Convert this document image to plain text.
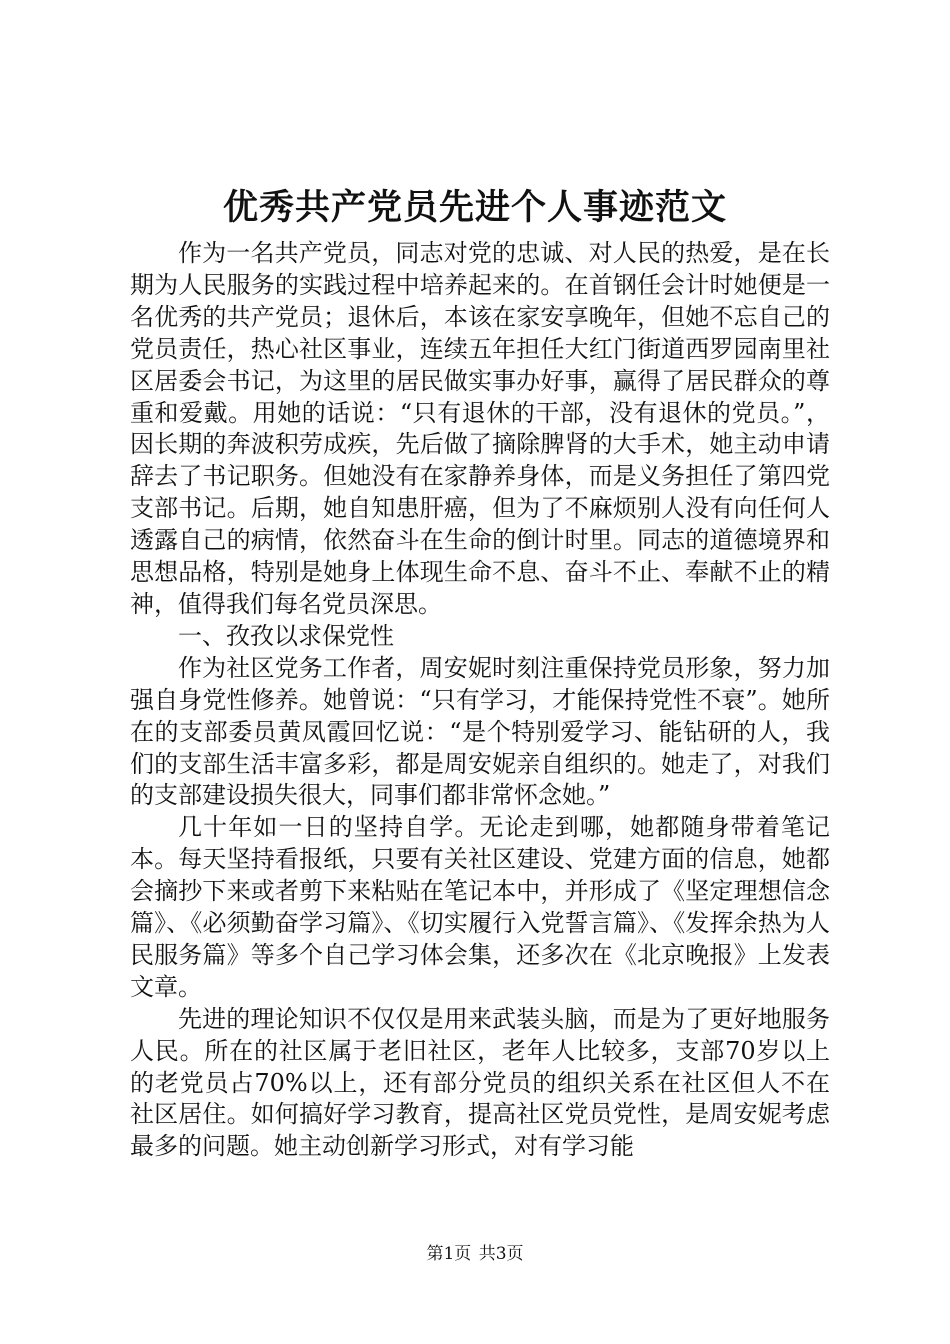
优秀共产党员先进个人事迹范文

作为一名共产党员，同志对党的忠诚、对人民的热爱，是在长期为人民服务的实践过程中培养起来的。在首钢任会计时她便是一名优秀的共产党员；退休后，本该在家安享晚年，但她不忘自己的党员责任，热心社区事业，连续五年担任大红门街道西罗园南里社区居委会书记，为这里的居民做实事办好事，赢得了居民群众的尊重和爱戴。用她的话说：“只有退休的干部，没有退休的党员。”，因长期的奔波积劳成疾，先后做了摘除脾肾的大手术，她主动申请辞去了书记职务。但她没有在家静养身体，而是义务担任了第四党支部书记。后期，她自知患肝癌，但为了不麻烦别人没有向任何人透露自己的病情，依然奋斗在生命的倒计时里。同志的道德境界和思想品格，特别是她身上体现生命不息、奋斗不止、奉献不止的精神，值得我们每名党员深思。

一、孜孜以求保党性

作为社区党务工作者，周安妮时刻注重保持党员形象，努力加强自身党性修养。她曾说：“只有学习，才能保持党性不衰”。她所在的支部委员黄凤霞回忆说：“是个特别爱学习、能钻研的人，我们的支部生活丰富多彩，都是周安妮亲自组织的。她走了，对我们的支部建设损失很大，同事们都非常怀念她。”

几十年如一日的坚持自学。无论走到哪，她都随身带着笔记本。每天坚持看报纸，只要有关社区建设、党建方面的信息，她都会摘抄下来或者剪下来粘贴在笔记本中，并形成了《坚定理想信念篇》、《必须勤奋学习篇》、《切实履行入党誓言篇》、《发挥余热为人民服务篇》等多个自己学习体会集，还多次在《北京晚报》上发表文章。

先进的理论知识不仅仅是用来武装头脑，而是为了更好地服务人民。所在的社区属于老旧社区，老年人比较多，支部70岁以上的老党员占70%以上，还有部分党员的组织关系在社区但人不在社区居住。如何搞好学习教育，提高社区党员党性，是周安妮考虑最多的问题。她主动创新学习形式，对有学习能

第1页 共3页
